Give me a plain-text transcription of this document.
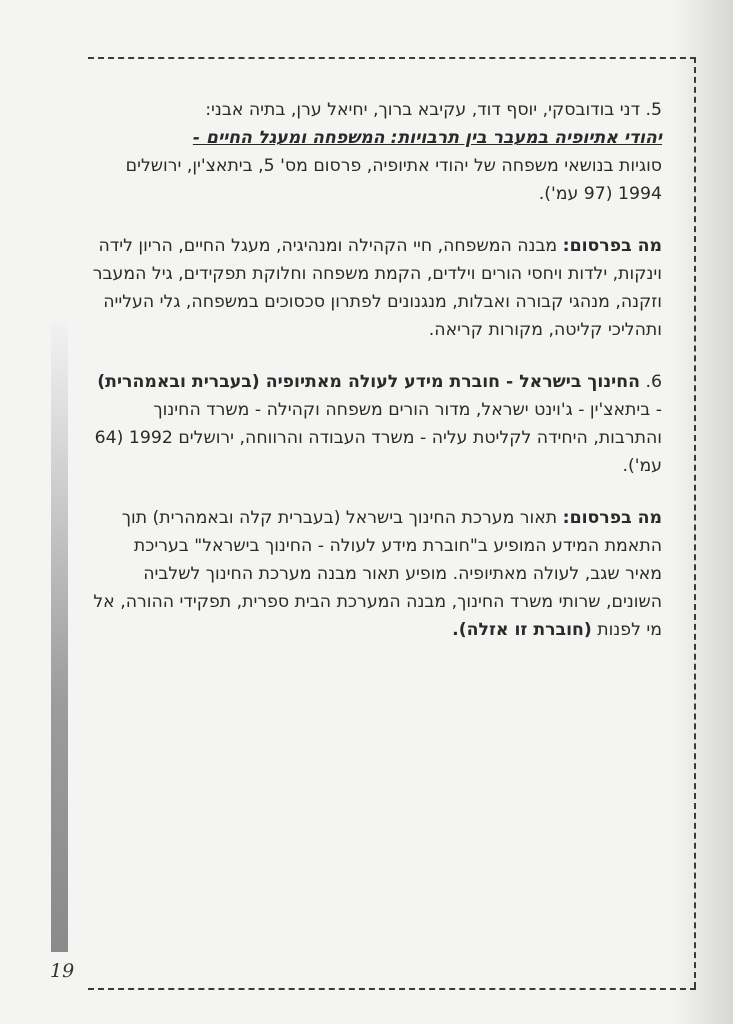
19

5. דני בודובסקי, יוסף דוד, עקיבא ברוך, יחיאל ערן, בתיה אבני:

יהודי אתיופיה במעבר בין תרבויות: המשפחה ומעגל החיים -

סוגיות בנושאי משפחה של יהודי אתיופיה, פרסום מס' 5, ביתאצ'ין, ירושלים 1994 (97 עמ').

מה בפרסום: מבנה המשפחה, חיי הקהילה ומנהיגיה, מעגל החיים, הריון לידה וינקות, ילדות ויחסי הורים וילדים, הקמת משפחה וחלוקת תפקידים, גיל המעבר וזקנה, מנהגי קבורה ואבלות, מנגנונים לפתרון סכסוכים במשפחה, גלי העלייה ותהליכי קליטה, מקורות קריאה.

6. החינוך בישראל - חוברת מידע לעולה מאתיופיה (בעברית ובאמהרית) - ביתאצ'ין - ג'וינט ישראל, מדור הורים משפחה וקהילה - משרד החינוך והתרבות, היחידה לקליטת עליה - משרד העבודה והרווחה, ירושלים 1992 (64 עמ').

מה בפרסום: תאור מערכת החינוך בישראל (בעברית קלה ובאמהרית) תוך התאמת המידע המופיע ב"חוברת מידע לעולה - החינוך בישראל" בעריכת מאיר שגב, לעולה מאתיופיה. מופיע תאור מבנה מערכת החינוך לשלביה השונים, שרותי משרד החינוך, מבנה המערכת הבית ספרית, תפקידי ההורה, אל מי לפנות (חוברת זו אזלה).
